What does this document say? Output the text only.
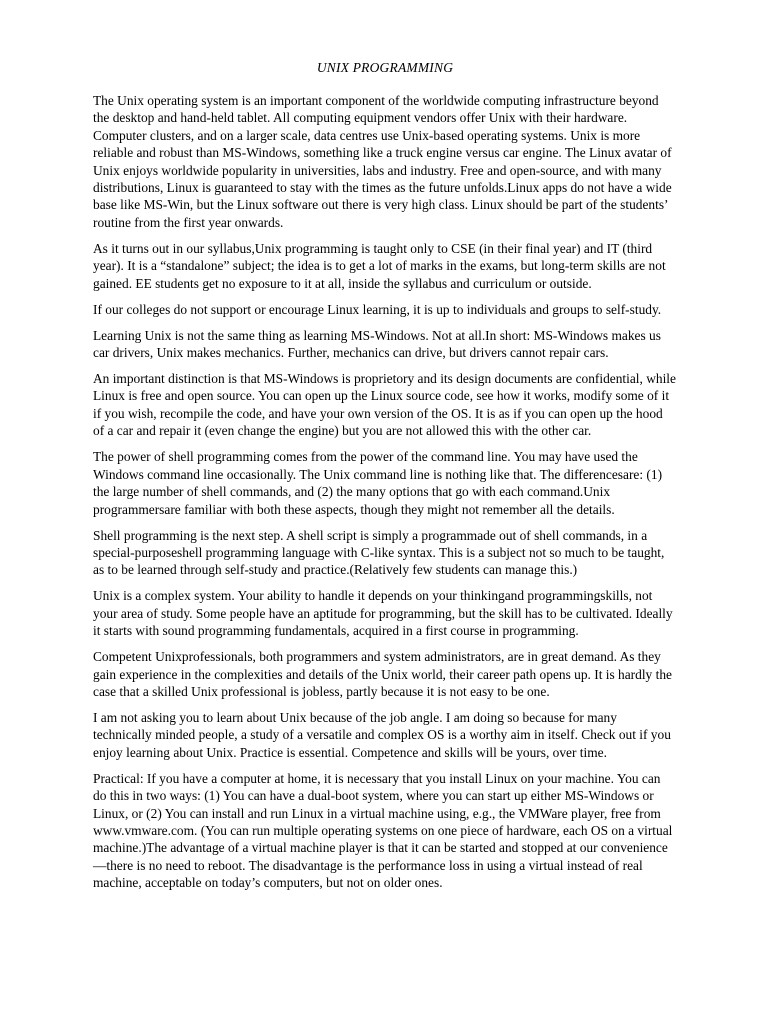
UNIX PROGRAMMING

The Unix operating system is an important component of the worldwide computing infrastructure beyond the desktop and hand-held tablet. All computing equipment vendors offer Unix with their hardware. Computer clusters, and on a larger scale, data centres use Unix-based operating systems. Unix is more reliable and robust than MS-Windows, something like a truck engine versus car engine. The Linux avatar of Unix enjoys worldwide popularity in universities, labs and industry. Free and open-source, and with many distributions, Linux is guaranteed to stay with the times as the future unfolds.Linux apps do not have a wide base like MS-Win, but the Linux software out there is very high class. Linux should be part of the students’ routine from the first year onwards.

As it turns out in our syllabus,Unix programming is taught only to CSE (in their final year) and IT (third year). It is a “standalone” subject; the idea is to get a lot of marks in the exams, but long-term skills are not gained. EE students get no exposure to it at all, inside the syllabus and curriculum or outside.

If our colleges do not support or encourage Linux learning, it is up to individuals and groups to self-study.

Learning Unix is not the same thing as learning MS-Windows. Not at all.In short: MS-Windows makes us car drivers, Unix makes mechanics. Further, mechanics can drive, but drivers cannot repair cars.

An important distinction is that MS-Windows is proprietory and its design documents are confidential, while Linux is free and open source. You can open up the Linux source code, see how it works, modify some of it if you wish, recompile the code, and have your own version of the OS. It is as if you can open up the hood of a car and repair it (even change the engine) but you are not allowed this with the other car.

The power of shell programming comes from the power of the command line. You may have used the Windows command line occasionally. The Unix command line is nothing like that. The differencesare: (1) the large number of shell commands, and (2) the many options that go with each command.Unix programmersare familiar with both these aspects, though they might not remember all the details.

Shell programming is the next step. A shell script is simply a programmade out of shell commands, in a special-purposeshell programming language with C-like syntax. This is a subject not so much to be taught, as to be learned through self-study and practice.(Relatively few students can manage this.)

Unix is a complex system. Your ability to handle it depends on your thinkingand programmingskills, not your area of study. Some people have an aptitude for programming, but the skill has to be cultivated. Ideally it starts with sound programming fundamentals, acquired in a first course in programming.

Competent Unixprofessionals, both programmers and system administrators, are in great demand. As they gain experience in the complexities and details of the Unix world, their career path opens up. It is hardly the case that a skilled Unix professional is jobless, partly because it is not easy to be one.

I am not asking you to learn about Unix because of the job angle. I am doing so because for many technically minded people, a study of a versatile and complex OS is a worthy aim in itself. Check out if you enjoy learning about Unix. Practice is essential. Competence and skills will be yours, over time.

Practical: If you have a computer at home, it is necessary that you install Linux on your machine. You can do this in two ways: (1) You can have a dual-boot system, where you can start up either MS-Windows or Linux, or (2) You can install and run Linux in a virtual machine using, e.g., the VMWare player, free from www.vmware.com. (You can run multiple operating systems on one piece of hardware, each OS on a virtual machine.)The advantage of a virtual machine player is that it can be started and stopped at our convenience—there is no need to reboot. The disadvantage is the performance loss in using a virtual instead of real machine, acceptable on today’s computers, but not on older ones.
